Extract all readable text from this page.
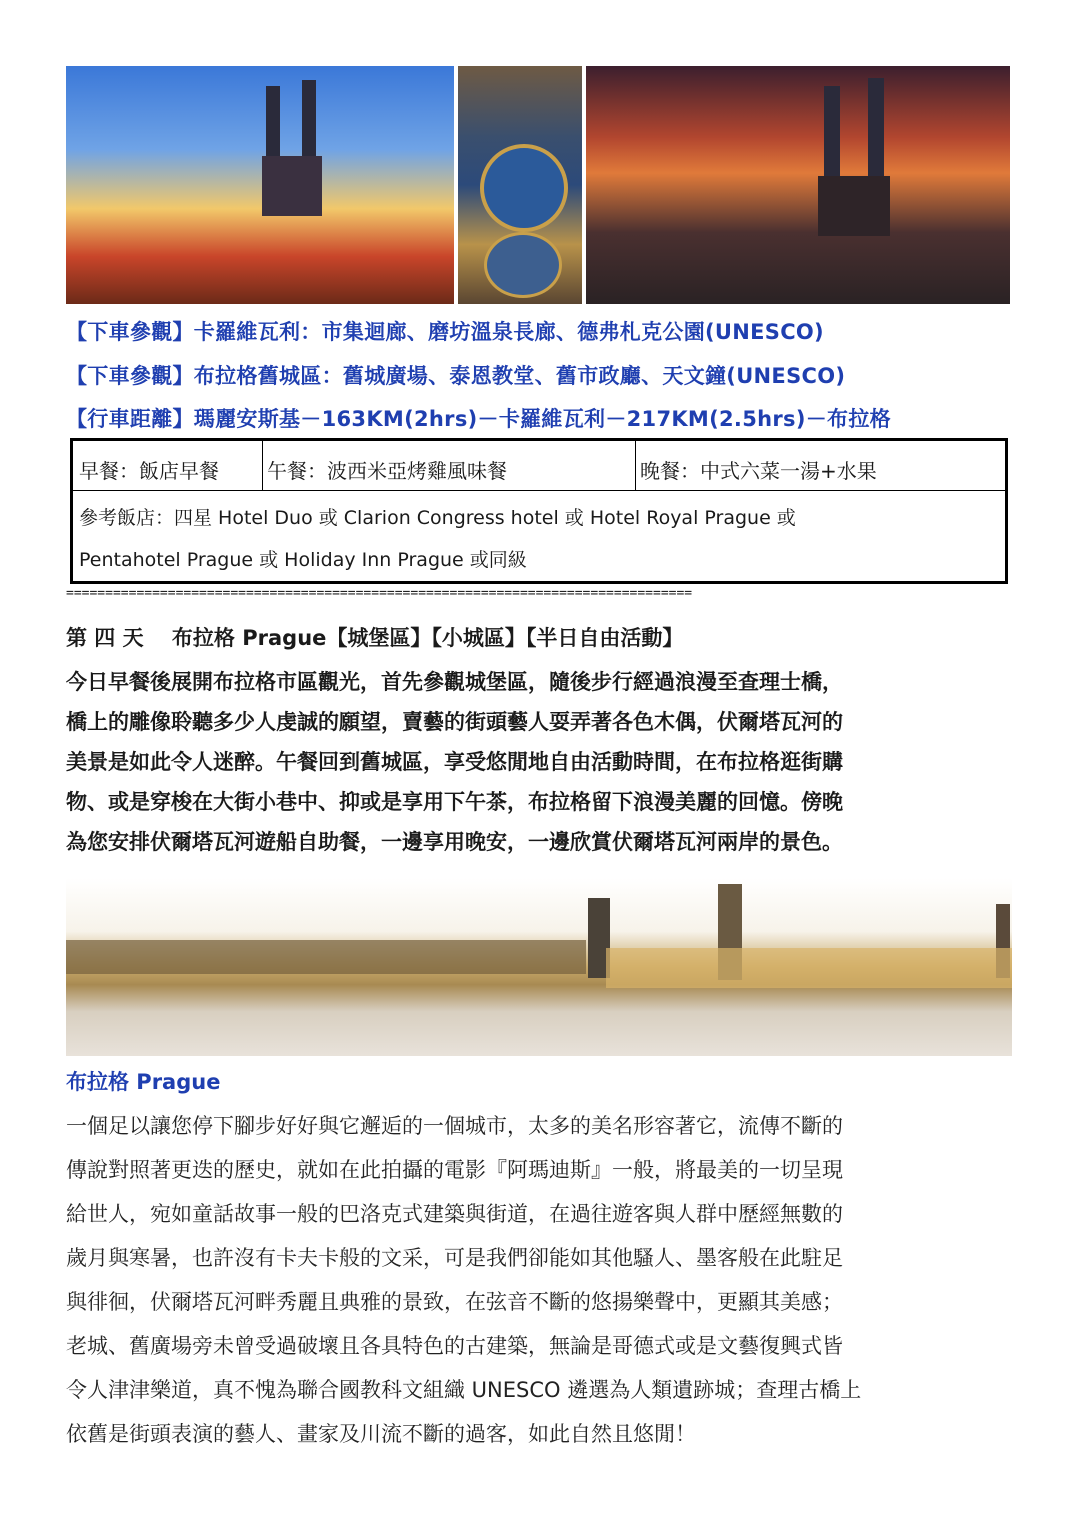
【下車參觀】卡羅維瓦利：市集迴廊、磨坊溫泉長廊、德弗札克公園(UNESCO)
【下車參觀】布拉格舊城區：舊城廣場、泰恩教堂、舊市政廳、天文鐘(UNESCO)
【行車距離】瑪麗安斯基－163KM(2hrs)－卡羅維瓦利－217KM(2.5hrs)－布拉格
早餐：飯店早餐 午餐：波西米亞烤雞風味餐	晚餐：中式六菜一湯+水果
參考飯店：四星 Hotel Duo 或 Clarion Congress hotel 或 Hotel Royal Prague 或
Pentahotel Prague 或 Holiday Inn Prague 或同級
================================================================================
第 四 天　 布拉格 Prague【城堡區】【小城區】【半日自由活動】

今日早餐後展開布拉格市區觀光，首先參觀城堡區，隨後步行經過浪漫至查理士橋，

橋上的雕像聆聽多少人虔誠的願望，賣藝的街頭藝人耍弄著各色木偶，伏爾塔瓦河的

美景是如此令人迷醉。午餐回到舊城區，享受悠閒地自由活動時間，在布拉格逛街購

物、或是穿梭在大街小巷中、抑或是享用下午茶，布拉格留下浪漫美麗的回憶。傍晚

為您安排伏爾塔瓦河遊船自助餐，一邊享用晚安，一邊欣賞伏爾塔瓦河兩岸的景色。

布拉格 Prague

一個足以讓您停下腳步好好與它邂逅的一個城市，太多的美名形容著它，流傳不斷的

傳說對照著更迭的歷史，就如在此拍攝的電影『阿瑪迪斯』一般，將最美的一切呈現

給世人，宛如童話故事一般的巴洛克式建築與街道，在過往遊客與人群中歷經無數的

歲月與寒暑，也許沒有卡夫卡般的文采，可是我們卻能如其他騷人、墨客般在此駐足

與徘徊，伏爾塔瓦河畔秀麗且典雅的景致，在弦音不斷的悠揚樂聲中，更顯其美感；

老城、舊廣場旁未曾受過破壞且各具特色的古建築，無論是哥德式或是文藝復興式皆

令人津津樂道，真不愧為聯合國教科文組織 UNESCO 遴選為人類遺跡城；查理古橋上

依舊是街頭表演的藝人、畫家及川流不斷的過客，如此自然且悠閒！
